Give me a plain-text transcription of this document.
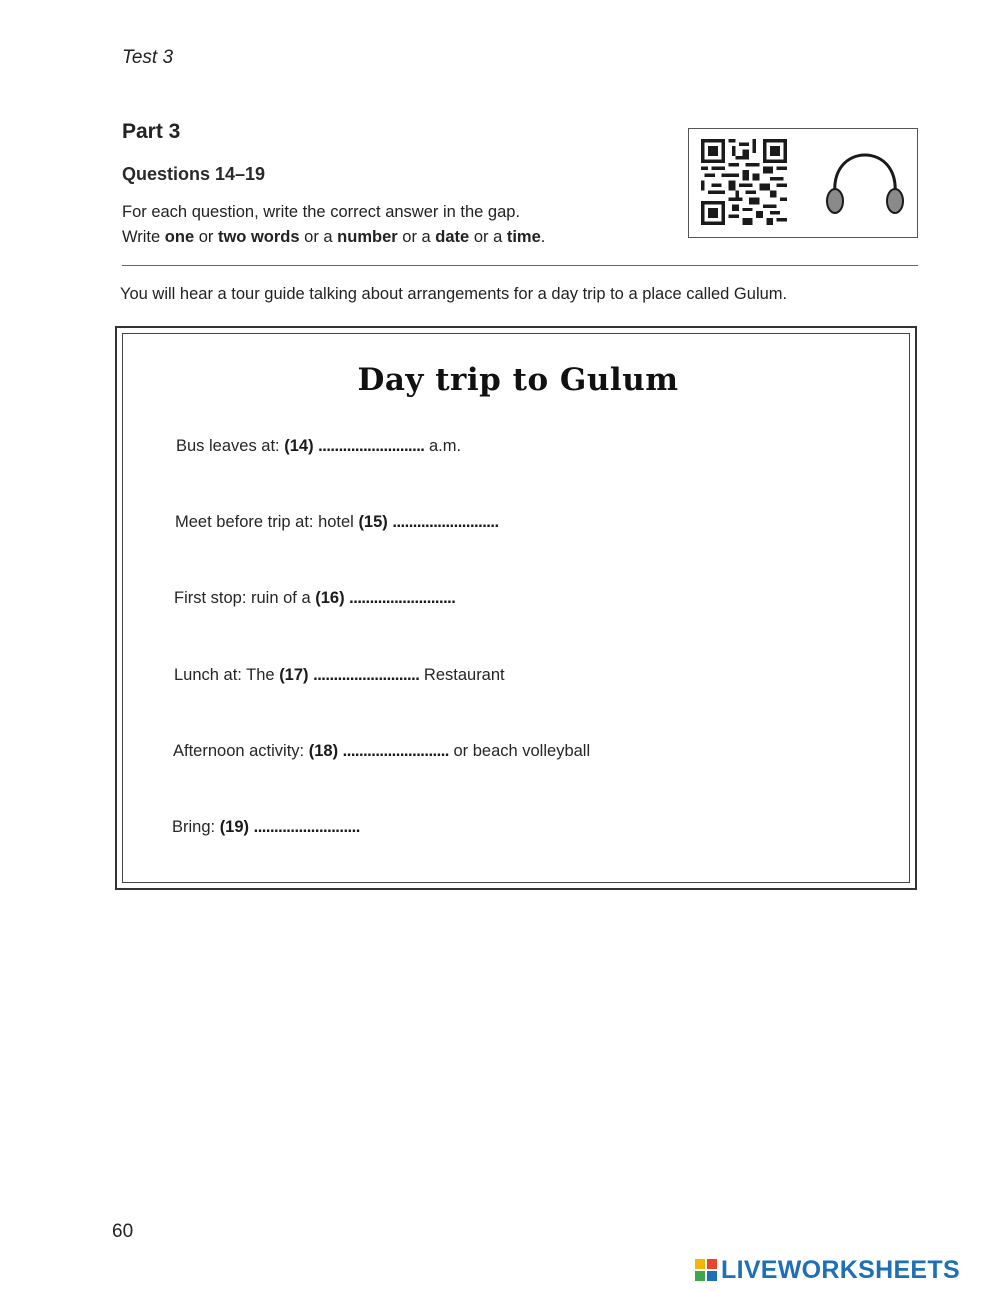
Test 3
Part 3
Questions 14–19
For each question, write the correct answer in the gap.
Write one or two words or a number or a date or a time.
You will hear a tour guide talking about arrangements for a day trip to a place called Gulum.
Day trip to Gulum
Bus leaves at: (14) .......................... a.m.
Meet before trip at: hotel (15) ..........................
First stop: ruin of a (16) ..........................
Lunch at: The (17) .......................... Restaurant
Afternoon activity: (18) .......................... or beach volleyball
Bring: (19) ..........................
60
LIVEWORKSHEETS
